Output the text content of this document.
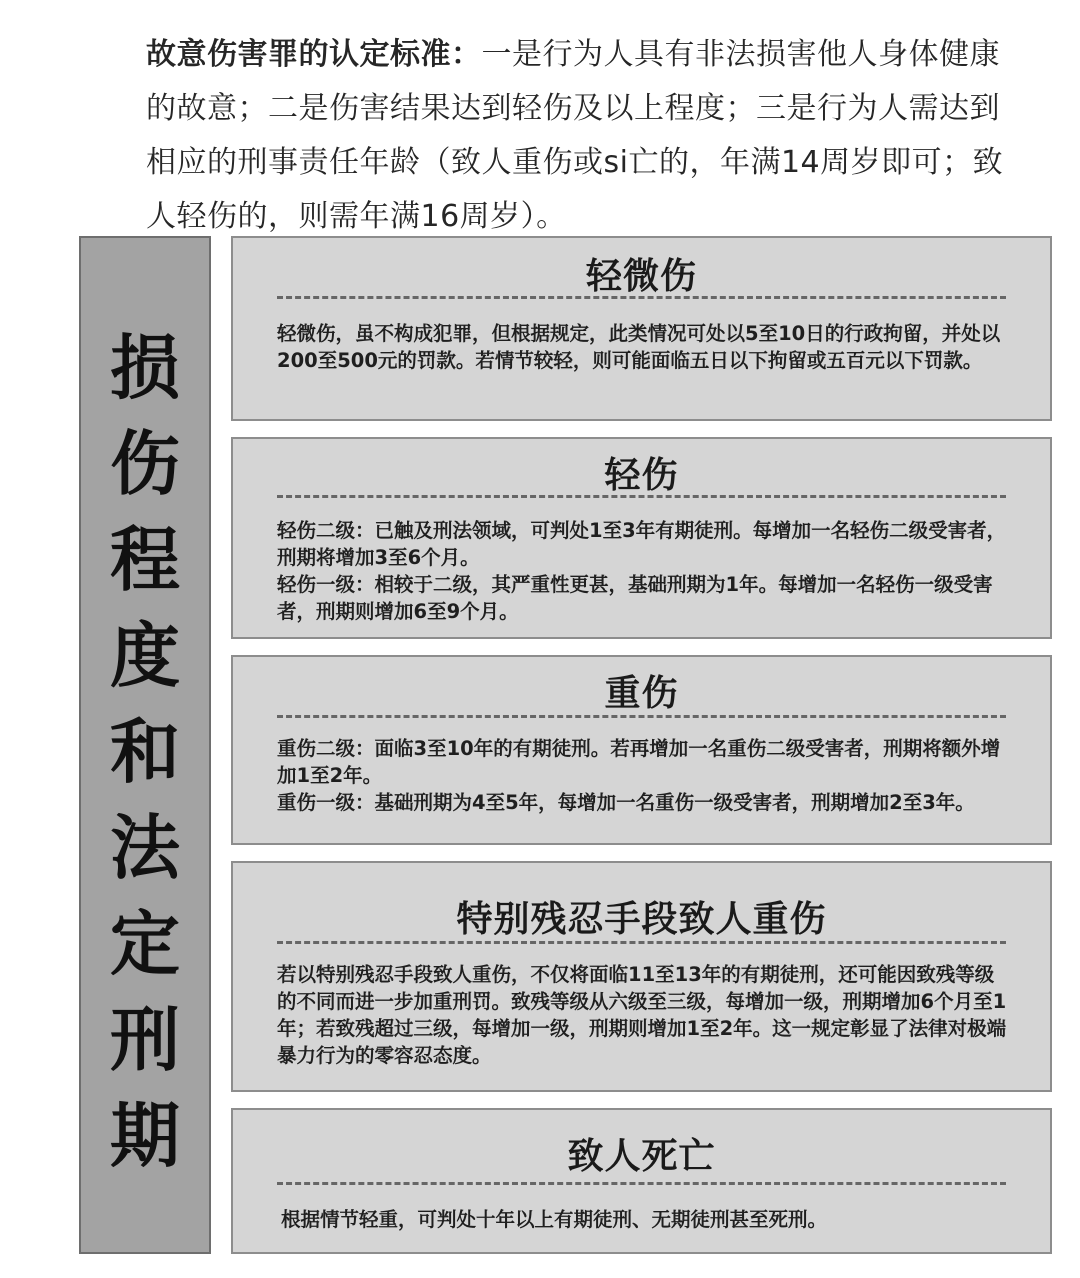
故意伤害罪的认定标准：一是行为人具有非法损害他人身体健康的故意；二是伤害结果达到轻伤及以上程度；三是行为人需达到相应的刑事责任年龄（致人重伤或si亡的，年满14周岁即可；致人轻伤的，则需年满16周岁）。
损
伤
程
度
和
法
定
刑
期
轻微伤

轻微伤，虽不构成犯罪，但根据规定，此类情况可处以5至10日的行政拘留，并处以200至500元的罚款。若情节较轻，则可能面临五日以下拘留或五百元以下罚款。

轻伤

轻伤二级：已触及刑法领域，可判处1至3年有期徒刑。每增加一名轻伤二级受害者，刑期将增加3至6个月。

轻伤一级：相较于二级，其严重性更甚，基础刑期为1年。每增加一名轻伤一级受害者，刑期则增加6至9个月。

重伤

重伤二级：面临3至10年的有期徒刑。若再增加一名重伤二级受害者，刑期将额外增加1至2年。

重伤一级：基础刑期为4至5年，每增加一名重伤一级受害者，刑期增加2至3年。

特别残忍手段致人重伤

若以特别残忍手段致人重伤，不仅将面临11至13年的有期徒刑，还可能因致残等级的不同而进一步加重刑罚。致残等级从六级至三级，每增加一级，刑期增加6个月至1年；若致残超过三级，每增加一级，刑期则增加1至2年。这一规定彰显了法律对极端暴力行为的零容忍态度。

致人死亡

根据情节轻重，可判处十年以上有期徒刑、无期徒刑甚至死刑。
